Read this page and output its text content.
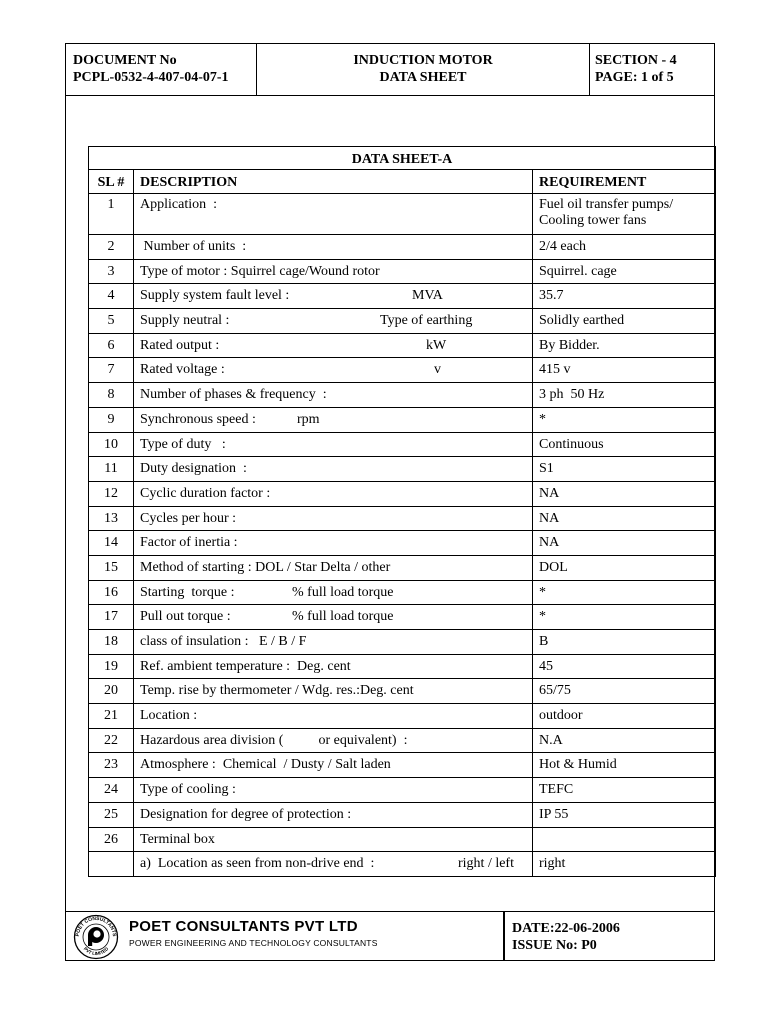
DOCUMENT No
PCPL-0532-4-407-04-07-1
INDUCTION MOTOR
DATA SHEET
SECTION - 4
PAGE: 1 of 5
DATA SHEET-A		
SL #	DESCRIPTION	REQUIREMENT
1	Application  :	Fuel oil transfer pumps/
Cooling tower fans

2	Number of units  :	2/4 each

3	Type of motor : Squirrel cage/Wound rotor	Squirrel. cage

4	Supply system fault level : MVA	35.7

5	Supply neutral : Type of earthing	Solidly earthed

6	Rated output : kW	By Bidder.

7	Rated voltage : v	415 v

8	Number of phases & frequency  :	3 ph  50 Hz

9	Synchronous speed : rpm	*

10	Type of duty   :	Continuous

11	Duty designation  :	S1

12	Cyclic duration factor :	NA

13	Cycles per hour :	NA

14	Factor of inertia :	NA

15	Method of starting : DOL / Star Delta / other	DOL

16	Starting  torque : % full load torque	*

17	Pull out torque : % full load torque	*

18	class of insulation :   E / B / F	B

19	Ref. ambient temperature :  Deg. cent	45

20	Temp. rise by thermometer / Wdg. res.:Deg. cent	65/75

21	Location :	outdoor

22	Hazardous area division (          or equivalent)  :	N.A

23	Atmosphere :  Chemical  / Dusty / Salt laden	Hot & Humid

24	Type of cooling :	TEFC

25	Designation for degree of protection :	IP 55

26	Terminal box	

	a)  Location as seen from non-drive end  : right / left	right
POET CONSULTANTS
PVT LIMITED
POET CONSULTANTS PVT LTD
POWER ENGINEERING AND TECHNOLOGY CONSULTANTS
DATE:22-06-2006
ISSUE No: P0
